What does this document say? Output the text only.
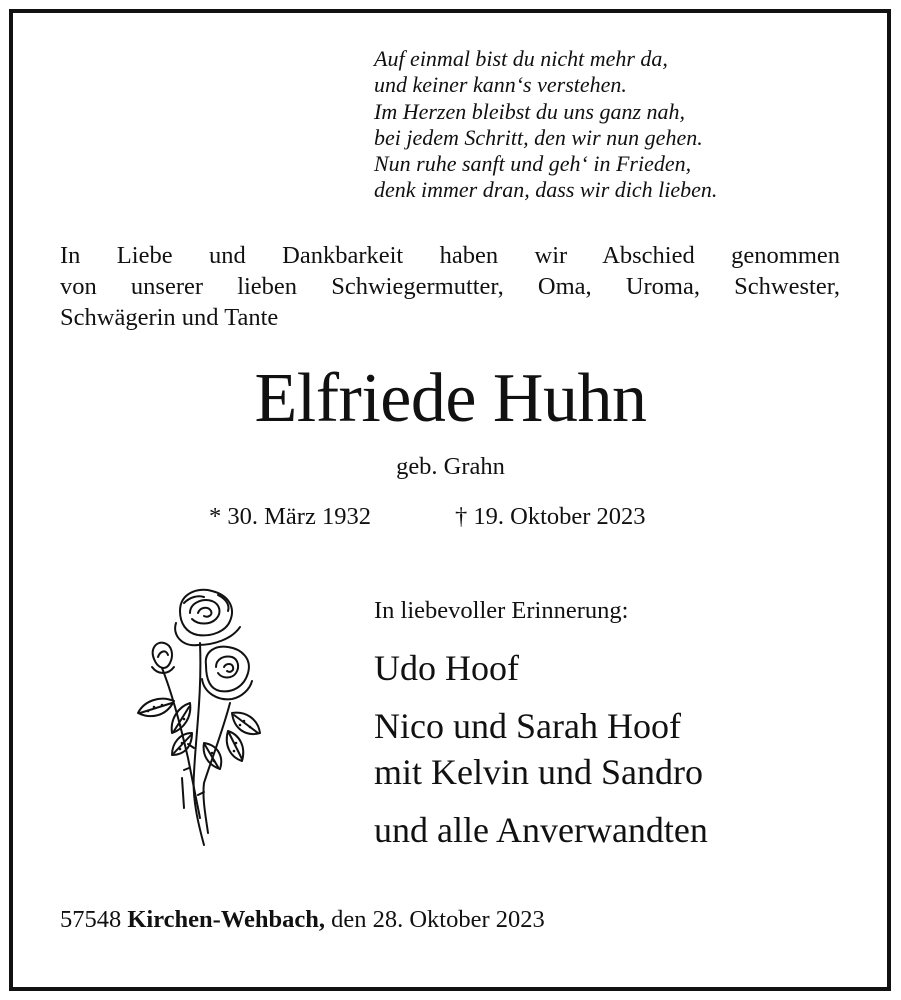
Auf einmal bist du nicht mehr da,
und keiner kann‘s verstehen.
Im Herzen bleibst du uns ganz nah,
bei jedem Schritt, den wir nun gehen.
Nun ruhe sanft und geh‘ in Frieden,
denk immer dran, dass wir dich lieben.
In Liebe und Dankbarkeit haben wir Abschied genommen
von unserer lieben Schwiegermutter, Oma, Uroma, Schwester,
Schwägerin und Tante
Elfriede Huhn
geb. Grahn
* 30. März 1932	† 19. Oktober 2023
In liebevoller Erinnerung:
Udo Hoof
Nico und Sarah Hoof
mit Kelvin und Sandro
und alle Anverwandten
57548 Kirchen-Wehbach, den 28. Oktober 2023
